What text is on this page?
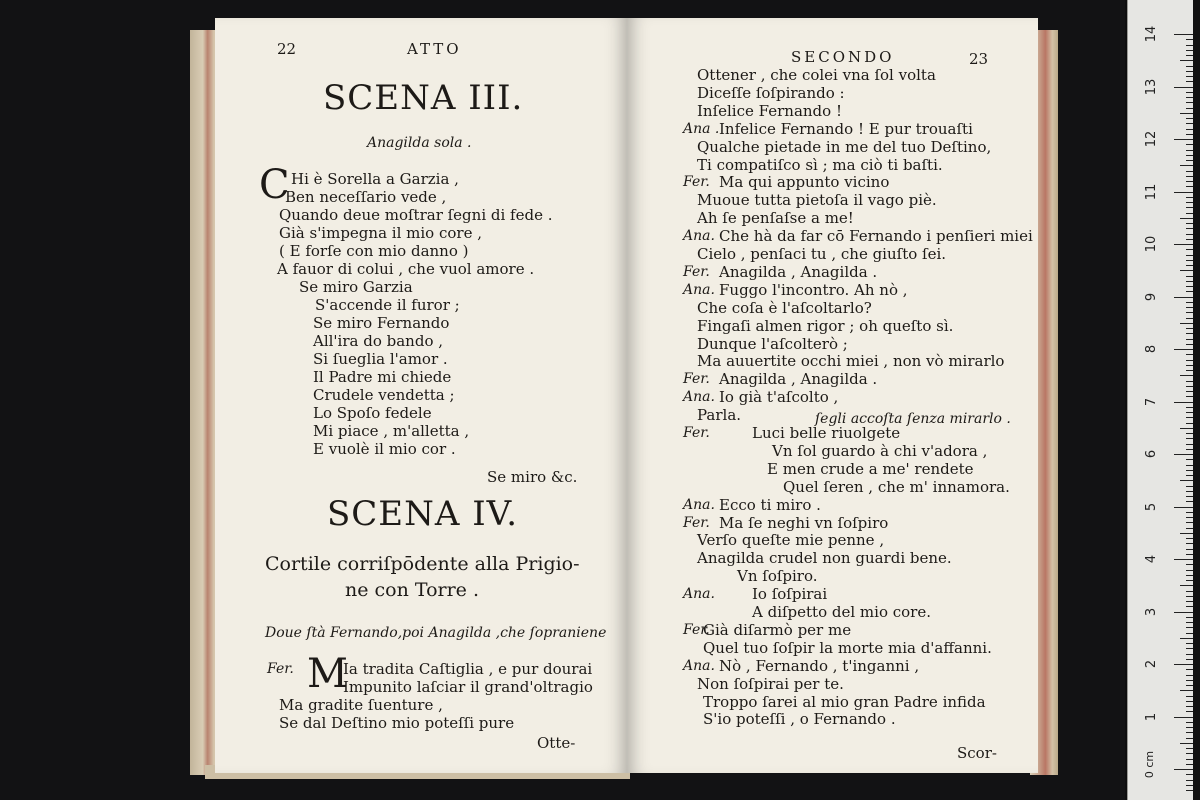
14
13
12
11
10
9
8
7
6
5
4
3
2
1
0 cm
22	ATTO
SCENA III.
Anagilda sola .
C Hi è Sorella a Garzia ,
Ben neceſſario vede ,
Quando deue moſtrar ſegni di fede .
Già s'impegna il mio core ,
( E forſe con mio danno )
A fauor di colui , che vuol amore .
Se miro Garzia
S'accende il furor ;
Se miro Fernando
All'ira do bando ,
Si ſueglia l'amor .
Il Padre mi chiede
Crudele vendetta ;
Lo Spoſo fedele
Mi piace , m'alletta ,
E vuolè il mio cor .
Se miro &c.
SCENA IV.
Cortile corriſpōdente alla Prigio-
ne con Torre .
Doue ſtà Fernando,poi Anagilda ,che ſopraniene
Fer. M
Ia tradita Caſtiglia , e pur dourai
Impunito laſciar il grand'oltragio
Ma gradite ſuenture ,
Se dal Deſtino mio poteſſi pure
Otte-
SECONDO	23
Ottener , che colei vna ſol volta
Diceſſe ſoſpirando :
Inſelice Fernando !
Ana . Infelice Fernando ! E pur trouaſti
Qualche pietade in me del tuo Deſtino,
Ti compatiſco sì ; ma ciò ti baſti.
Fer. Ma qui appunto vicino
Muoue tutta pietoſa il vago piè.
Ah ſe penſaſse a me!
Ana. Che hà da far cō Fernando i penſieri miei
Cielo , penſaci tu , che giuſto ſei.
Fer. Anagilda , Anagilda .
Ana. Fuggo l'incontro. Ah nò ,
Che coſa è l'aſcoltarlo?
Fingaſi almen rigor ; oh queſto sì.
Dunque l'aſcolterò ;
Ma auuertite occhi miei , non vò mirarlo
Fer. Anagilda , Anagilda .
Ana. Io già t'aſcolto ,
Parla.
Fer.	Luci belle riuolgete
Vn ſol guardo à chi v'adora ,
E men crude a me' rendete
Quel ſeren , che m' innamora.
Ana. Ecco ti miro .
Fer. Ma ſe neghi vn ſoſpiro
Verſo queſte mie penne ,
Anagilda crudel non guardi bene.
Vn ſoſpiro.
Ana. Io ſoſpirai
A diſpetto del mio core.
Fer.
Già diſarmò per me
Quel tuo ſoſpir la morte mia d'affanni.
Ana. Nò , Fernando , t'inganni ,
Non ſoſpirai per te.
Troppo ſarei al mio gran Padre infida
S'io poteſſi , o Fernando .
ſegli accoſta ſenza mirarlo .
Scor-
